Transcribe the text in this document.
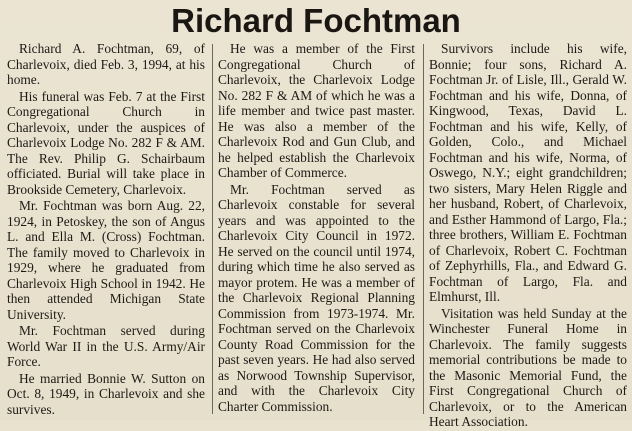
Richard Fochtman

Richard A. Fochtman, 69, of Charlevoix, died Feb. 3, 1994, at his home.

His funeral was Feb. 7 at the First Congregational Church in Charlevoix, under the auspices of Charlevoix Lodge No. 282 F & AM. The Rev. Philip G. Schairbaum officiated. Burial will take place in Brookside Cemetery, Charlevoix.

Mr. Fochtman was born Aug. 22, 1924, in Petoskey, the son of Angus L. and Ella M. (Cross) Fochtman. The family moved to Charlevoix in 1929, where he graduated from Charlevoix High School in 1942. He then attended Michigan State University.

Mr. Fochtman served during World War II in the U.S. Army/Air Force.

He married Bonnie W. Sutton on Oct. 8, 1949, in Charlevoix and she survives.

He was a member of the First Congregational Church of Charlevoix, the Charlevoix Lodge No. 282 F & AM of which he was a life member and twice past master. He was also a member of the Charlevoix Rod and Gun Club, and he helped establish the Charlevoix Chamber of Commerce.

Mr. Fochtman served as Charlevoix constable for several years and was appointed to the Charlevoix City Council in 1972. He served on the council until 1974, during which time he also served as mayor protem. He was a member of the Charlevoix Regional Planning Commission from 1973-1974. Mr. Fochtman served on the Charlevoix County Road Commission for the past seven years. He had also served as Norwood Township Supervisor, and with the Charlevoix City Charter Commission.

Survivors include his wife, Bonnie; four sons, Richard A. Fochtman Jr. of Lisle, Ill., Gerald W. Fochtman and his wife, Donna, of Kingwood, Texas, David L. Fochtman and his wife, Kelly, of Golden, Colo., and Michael Fochtman and his wife, Norma, of Oswego, N.Y.; eight grandchildren; two sisters, Mary Helen Riggle and her husband, Robert, of Charlevoix, and Esther Hammond of Largo, Fla.; three brothers, William E. Fochtman of Charlevoix, Robert C. Fochtman of Zephyrhills, Fla., and Edward G. Fochtman of Largo, Fla. and Elmhurst, Ill.

Visitation was held Sunday at the Winchester Funeral Home in Charlevoix. The family suggests memorial contributions be made to the Masonic Memorial Fund, the First Congregational Church of Charlevoix, or to the American Heart Association.
